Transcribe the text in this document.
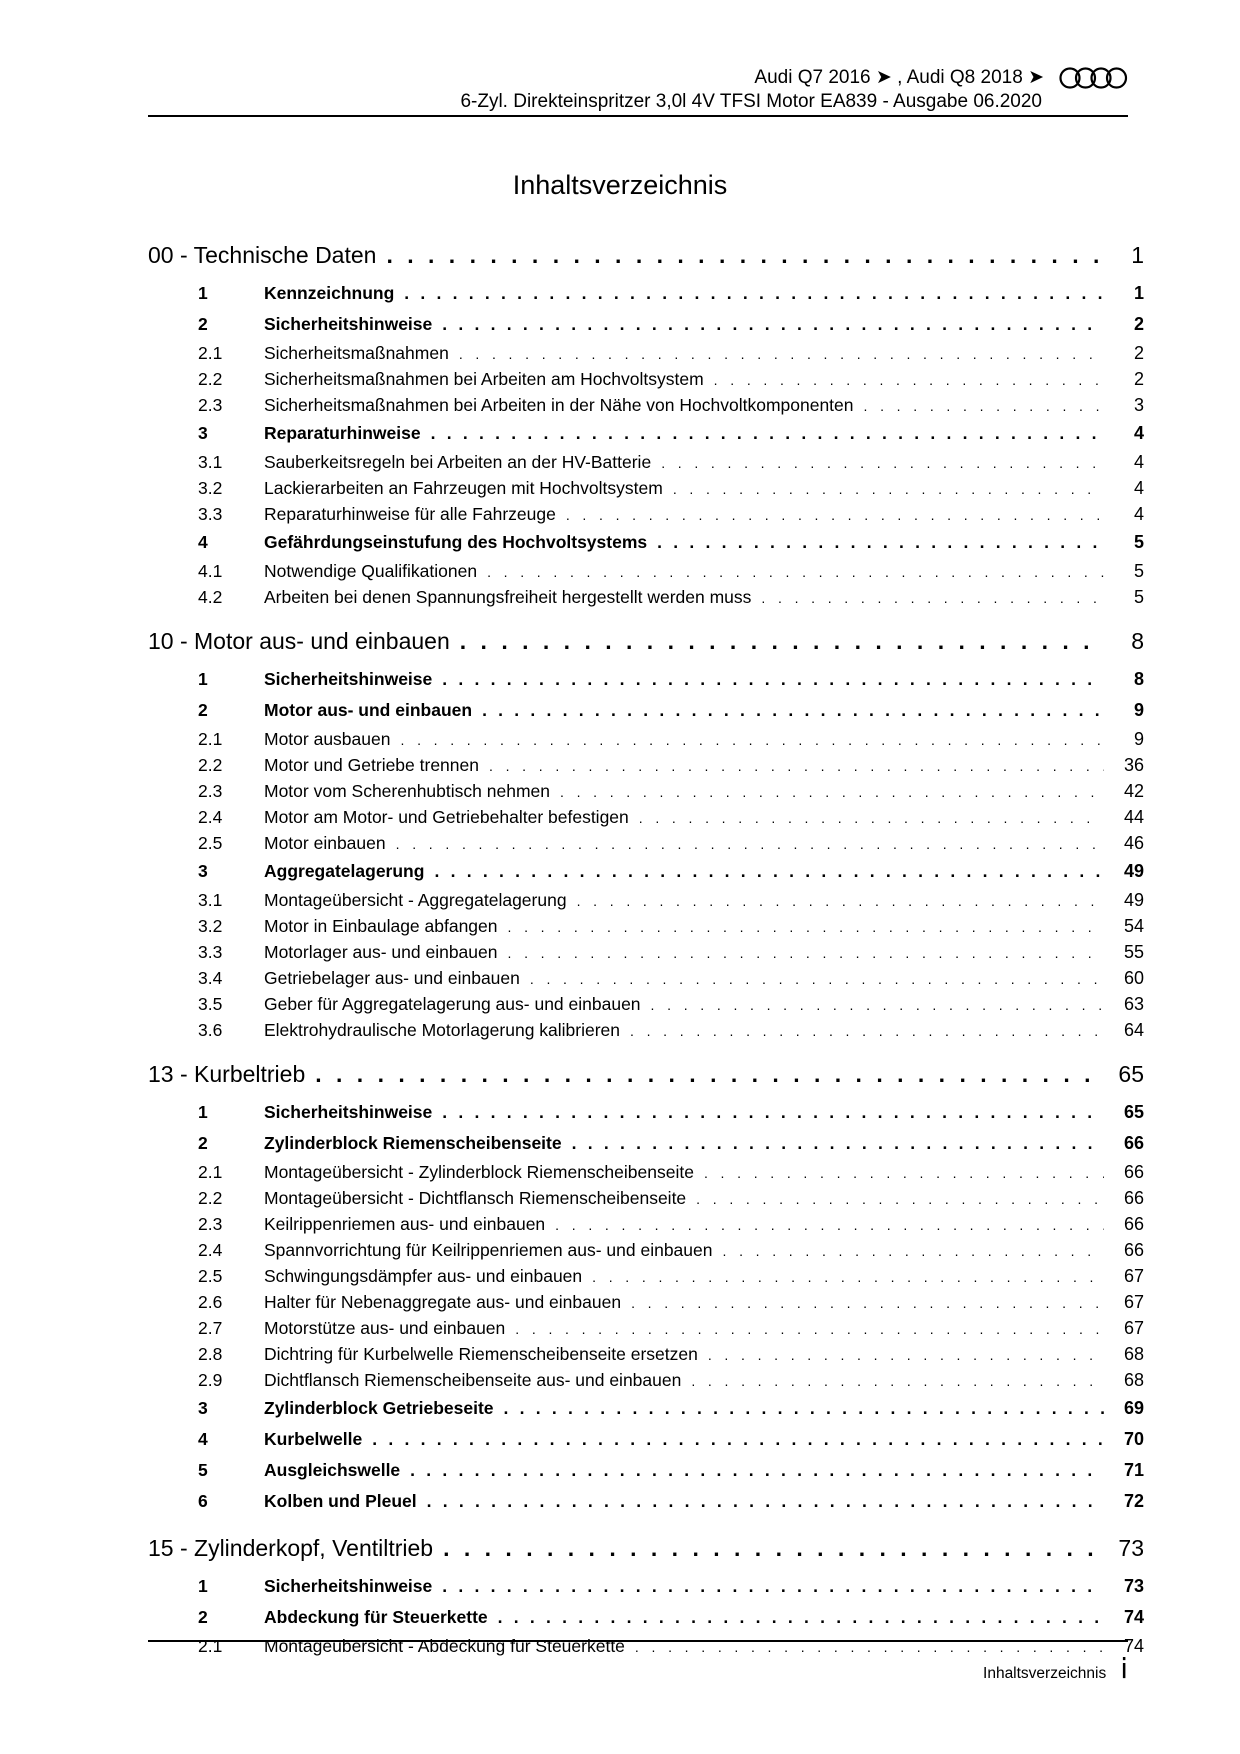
Audi Q7 2016 ➤ , Audi Q8 2018 ➤
6-Zyl. Direkteinspritzer 3,0l 4V TFSI Motor EA839 - Ausgabe 06.2020
Inhaltsverzeichnis
00 - Technische Daten . . .	1
1	Kennzeichnung . . .	1
2	Sicherheitshinweise . . .	2
2.1	Sicherheitsmaßnahmen . . .	2
2.2	Sicherheitsmaßnahmen bei Arbeiten am Hochvoltsystem . . .	2
2.3	Sicherheitsmaßnahmen bei Arbeiten in der Nähe von Hochvoltkomponenten . . .	3
3	Reparaturhinweise . . .	4
3.1	Sauberkeitsregeln bei Arbeiten an der HV-Batterie . . .	4
3.2	Lackierarbeiten an Fahrzeugen mit Hochvoltsystem . . .	4
3.3	Reparaturhinweise für alle Fahrzeuge . . .	4
4	Gefährdungseinstufung des Hochvoltsystems . . .	5
4.1	Notwendige Qualifikationen . . .	5
4.2	Arbeiten bei denen Spannungsfreiheit hergestellt werden muss . . .	5
10 - Motor aus- und einbauen . . .	8
1	Sicherheitshinweise . . .	8
2	Motor aus- und einbauen . . .	9
2.1	Motor ausbauen . . .	9
2.2	Motor und Getriebe trennen . . .	36
2.3	Motor vom Scherenhubtisch nehmen . . .	42
2.4	Motor am Motor- und Getriebehalter befestigen . . .	44
2.5	Motor einbauen . . .	46
3	Aggregatelagerung . . .	49
3.1	Montageübersicht - Aggregatelagerung . . .	49
3.2	Motor in Einbaulage abfangen . . .	54
3.3	Motorlager aus- und einbauen . . .	55
3.4	Getriebelager aus- und einbauen . . .	60
3.5	Geber für Aggregatelagerung aus- und einbauen . . .	63
3.6	Elektrohydraulische Motorlagerung kalibrieren . . .	64
13 - Kurbeltrieb . . .	65
1	Sicherheitshinweise . . .	65
2	Zylinderblock Riemenscheibenseite . . .	66
2.1	Montageübersicht - Zylinderblock Riemenscheibenseite . . .	66
2.2	Montageübersicht - Dichtflansch Riemenscheibenseite . . .	66
2.3	Keilrippenriemen aus- und einbauen . . .	66
2.4	Spannvorrichtung für Keilrippenriemen aus- und einbauen . . .	66
2.5	Schwingungsdämpfer aus- und einbauen . . .	67
2.6	Halter für Nebenaggregate aus- und einbauen . . .	67
2.7	Motorstütze aus- und einbauen . . .	67
2.8	Dichtring für Kurbelwelle Riemenscheibenseite ersetzen . . .	68
2.9	Dichtflansch Riemenscheibenseite aus- und einbauen . . .	68
3	Zylinderblock Getriebeseite . . .	69
4	Kurbelwelle . . .	70
5	Ausgleichswelle . . .	71
6	Kolben und Pleuel . . .	72
15 - Zylinderkopf, Ventiltrieb . . .	73
1	Sicherheitshinweise . . .	73
2	Abdeckung für Steuerkette . . .	74
2.1	Montageübersicht - Abdeckung für Steuerkette . . .	74
Inhaltsverzeichnis i
